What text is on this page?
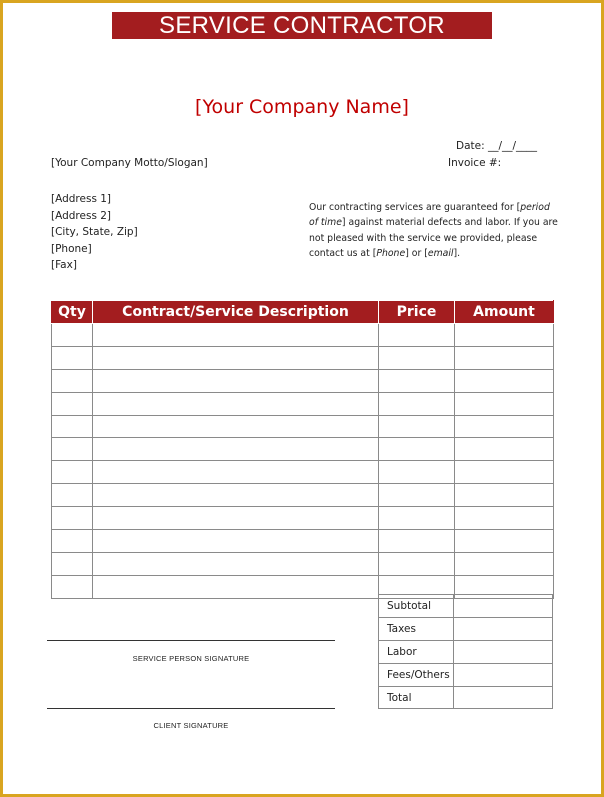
SERVICE CONTRACTOR INVOICE
[Your Company Name]
Date: __/__/____
[Your Company Motto/Slogan]	Invoice #:
[Address 1]
[Address 2]
[City, State, Zip]
[Phone]
[Fax]
Our contracting services are guaranteed for [period of time] against material defects and labor. If you are not pleased with the service we provided, please contact us at [Phone] or [email].
Qty	Contract/Service Description	Price	Amount

Subtotal	
Taxes	
Labor	
Fees/Others	
Total	
SERVICE PERSON SIGNATURE
CLIENT SIGNATURE
